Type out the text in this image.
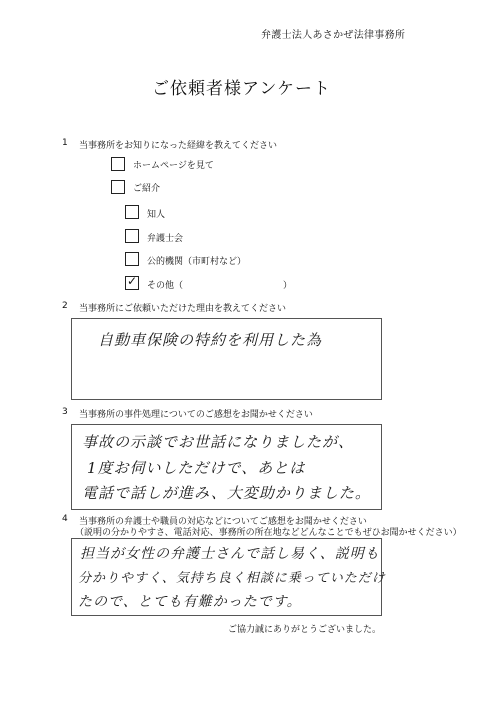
弁護士法人あさかぜ法律事務所
ご依頼者様アンケート
1 当事務所をお知りになった経緯を教えてください
ホームページを見て
ご紹介
知人
弁護士会
公的機関（市町村など）
✓ その他（	）
2 当事務所にご依頼いただけた理由を教えてください
自動車保険の特約を利用した為
3 当事務所の事件処理についてのご感想をお聞かせください
事故の示談でお世話になりましたが、
1度お伺いしただけで、あとは
電話で話しが進み、大変助かりました。
4 当事務所の弁護士や職員の対応などについてご感想をお聞かせください
（説明の分かりやすさ、電話対応、事務所の所在地などどんなことでもぜひお聞かせください）
担当が女性の弁護士さんで話し易く、説明も
分かりやすく、気持ち良く相談に乗っていただけ
たので、とても有難かったです。
ご協力誠にありがとうございました。
